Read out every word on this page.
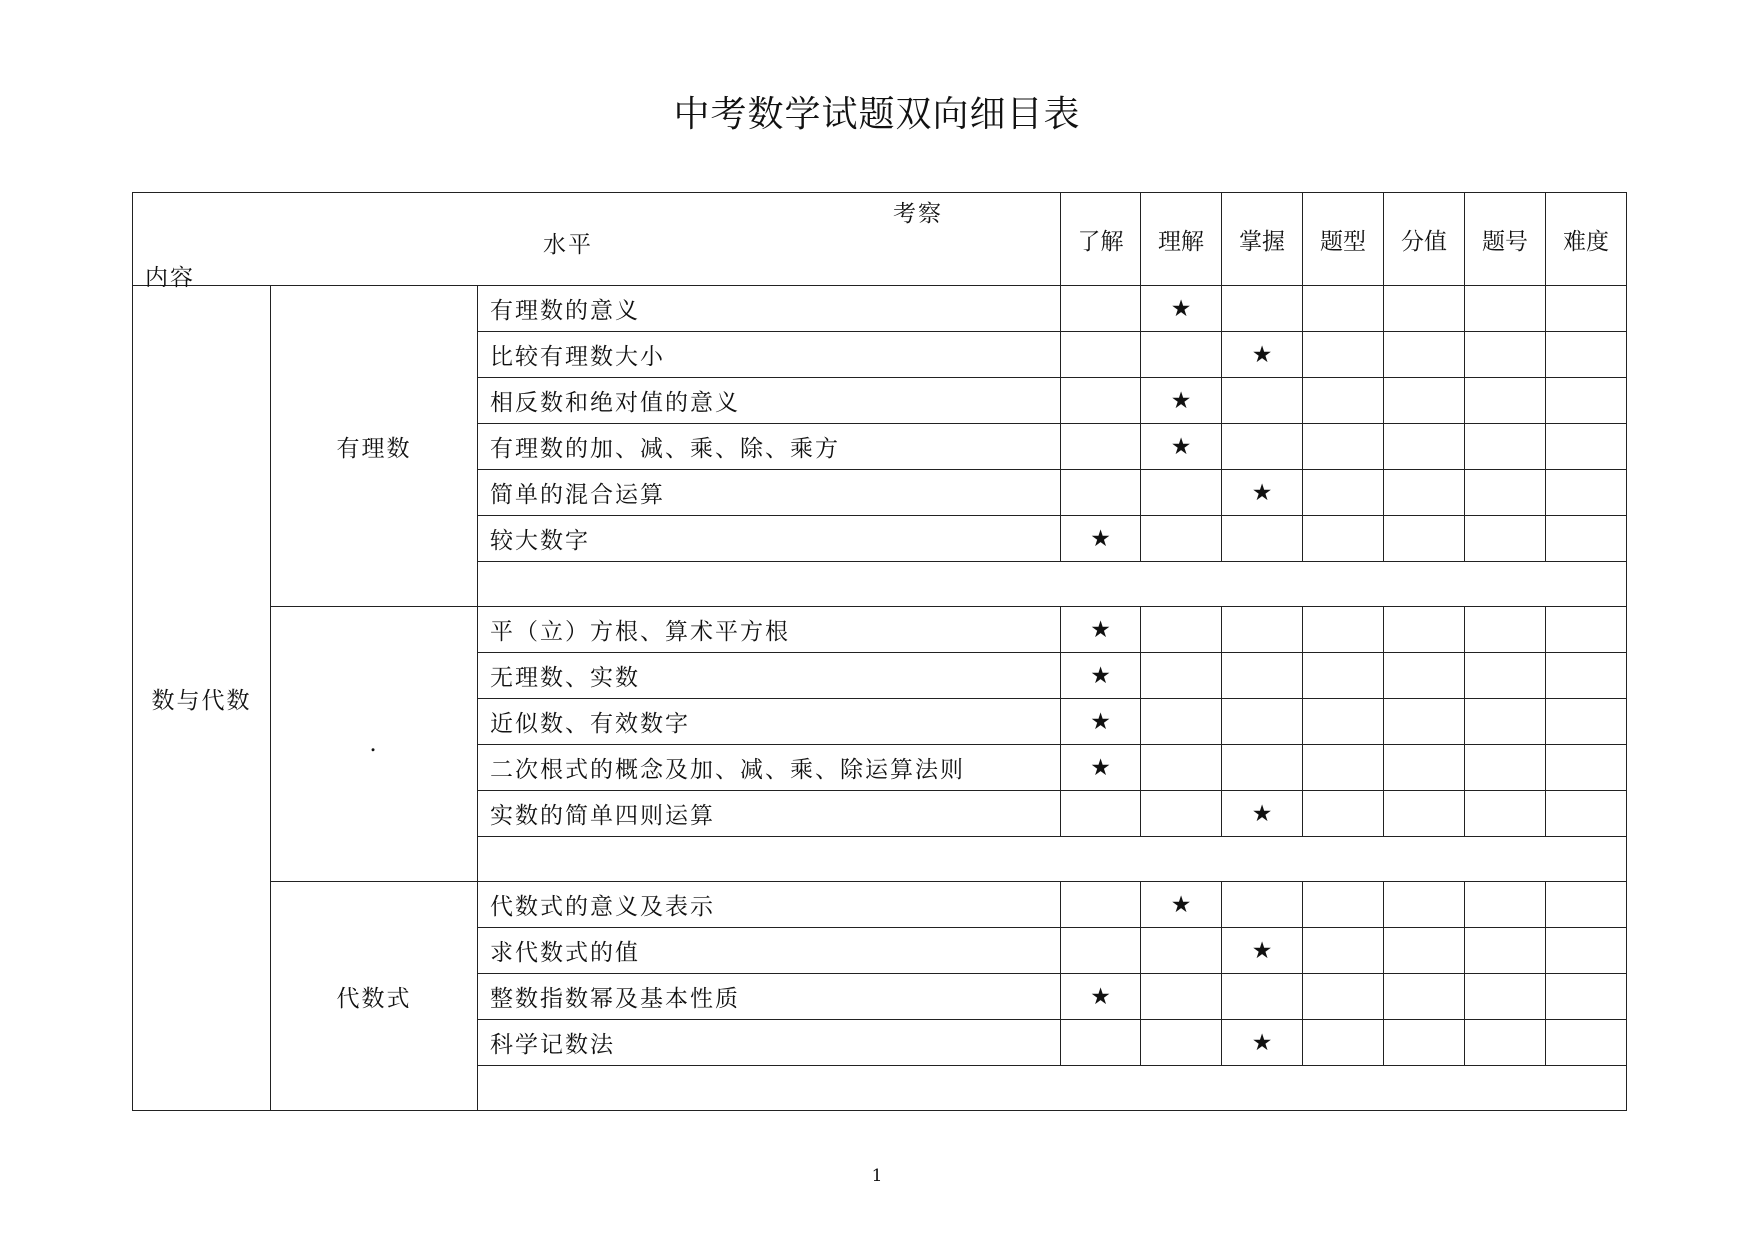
中考数学试题双向细目表
考察
水平
内容			了解	理解	掌握	题型	分值	题号	难度
数与代数	有理数	有理数的意义		★					
		比较有理数大小			★				
		相反数和绝对值的意义		★					
		有理数的加、减、乘、除、乘方		★					
		简单的混合运算			★				
		较大数字	★						

	.	平（立）方根、算术平方根	★						
		无理数、实数	★						
		近似数、有效数字	★						
		二次根式的概念及加、减、乘、除运算法则	★						
		实数的简单四则运算			★				

	代数式	代数式的意义及表示		★					
		求代数式的值			★				
		整数指数幂及基本性质	★						
		科学记数法			★				

1
